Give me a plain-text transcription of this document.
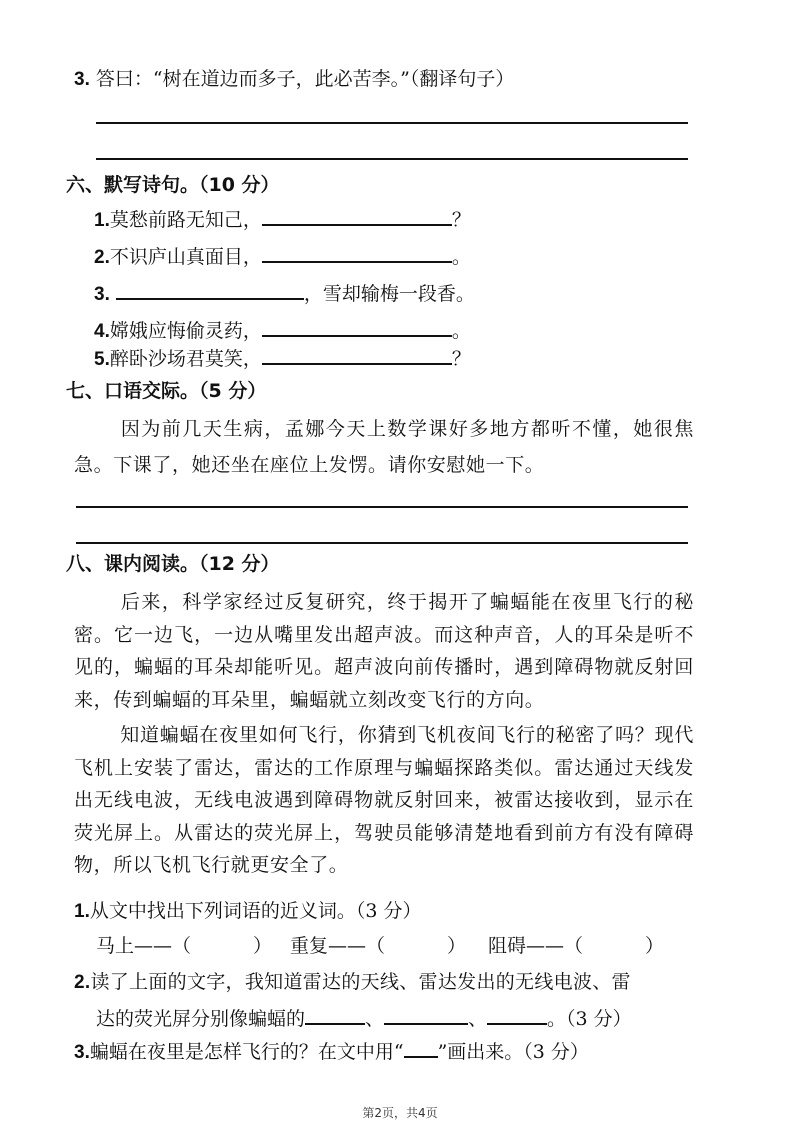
3. 答曰：“树在道边而多子，此必苦李。”（翻译句子）
六、默写诗句。（10 分）
1.莫愁前路无知己，	？
2.不识庐山真面目，	。
3.	，雪却输梅一段香。
4.嫦娥应悔偷灵药，	。
5.醉卧沙场君莫笑，	？
七、口语交际。（5 分）
因为前几天生病，孟娜今天上数学课好多地方都听不懂，她很焦急。下课了，她还坐在座位上发愣。请你安慰她一下。
八、课内阅读。（12 分）
后来，科学家经过反复研究，终于揭开了蝙蝠能在夜里飞行的秘密。它一边飞，一边从嘴里发出超声波。而这种声音，人的耳朵是听不见的，蝙蝠的耳朵却能听见。超声波向前传播时，遇到障碍物就反射回来，传到蝙蝠的耳朵里，蝙蝠就立刻改变飞行的方向。
知道蝙蝠在夜里如何飞行，你猜到飞机夜间飞行的秘密了吗？现代飞机上安装了雷达，雷达的工作原理与蝙蝠探路类似。雷达通过天线发出无线电波，无线电波遇到障碍物就反射回来，被雷达接收到，显示在荧光屏上。从雷达的荧光屏上，驾驶员能够清楚地看到前方有没有障碍物，所以飞机飞行就更安全了。
1.从文中找出下列词语的近义词。（3 分）
马上——（	） 重复——（	） 阻碍——（	）
2.读了上面的文字，我知道雷达的天线、雷达发出的无线电波、雷
达的荧光屏分别像蝙蝠的	、	、	。（3 分）
3.蝙蝠在夜里是怎样飞行的？在文中用“ ”画出来。（3 分）
第2页，共4页
